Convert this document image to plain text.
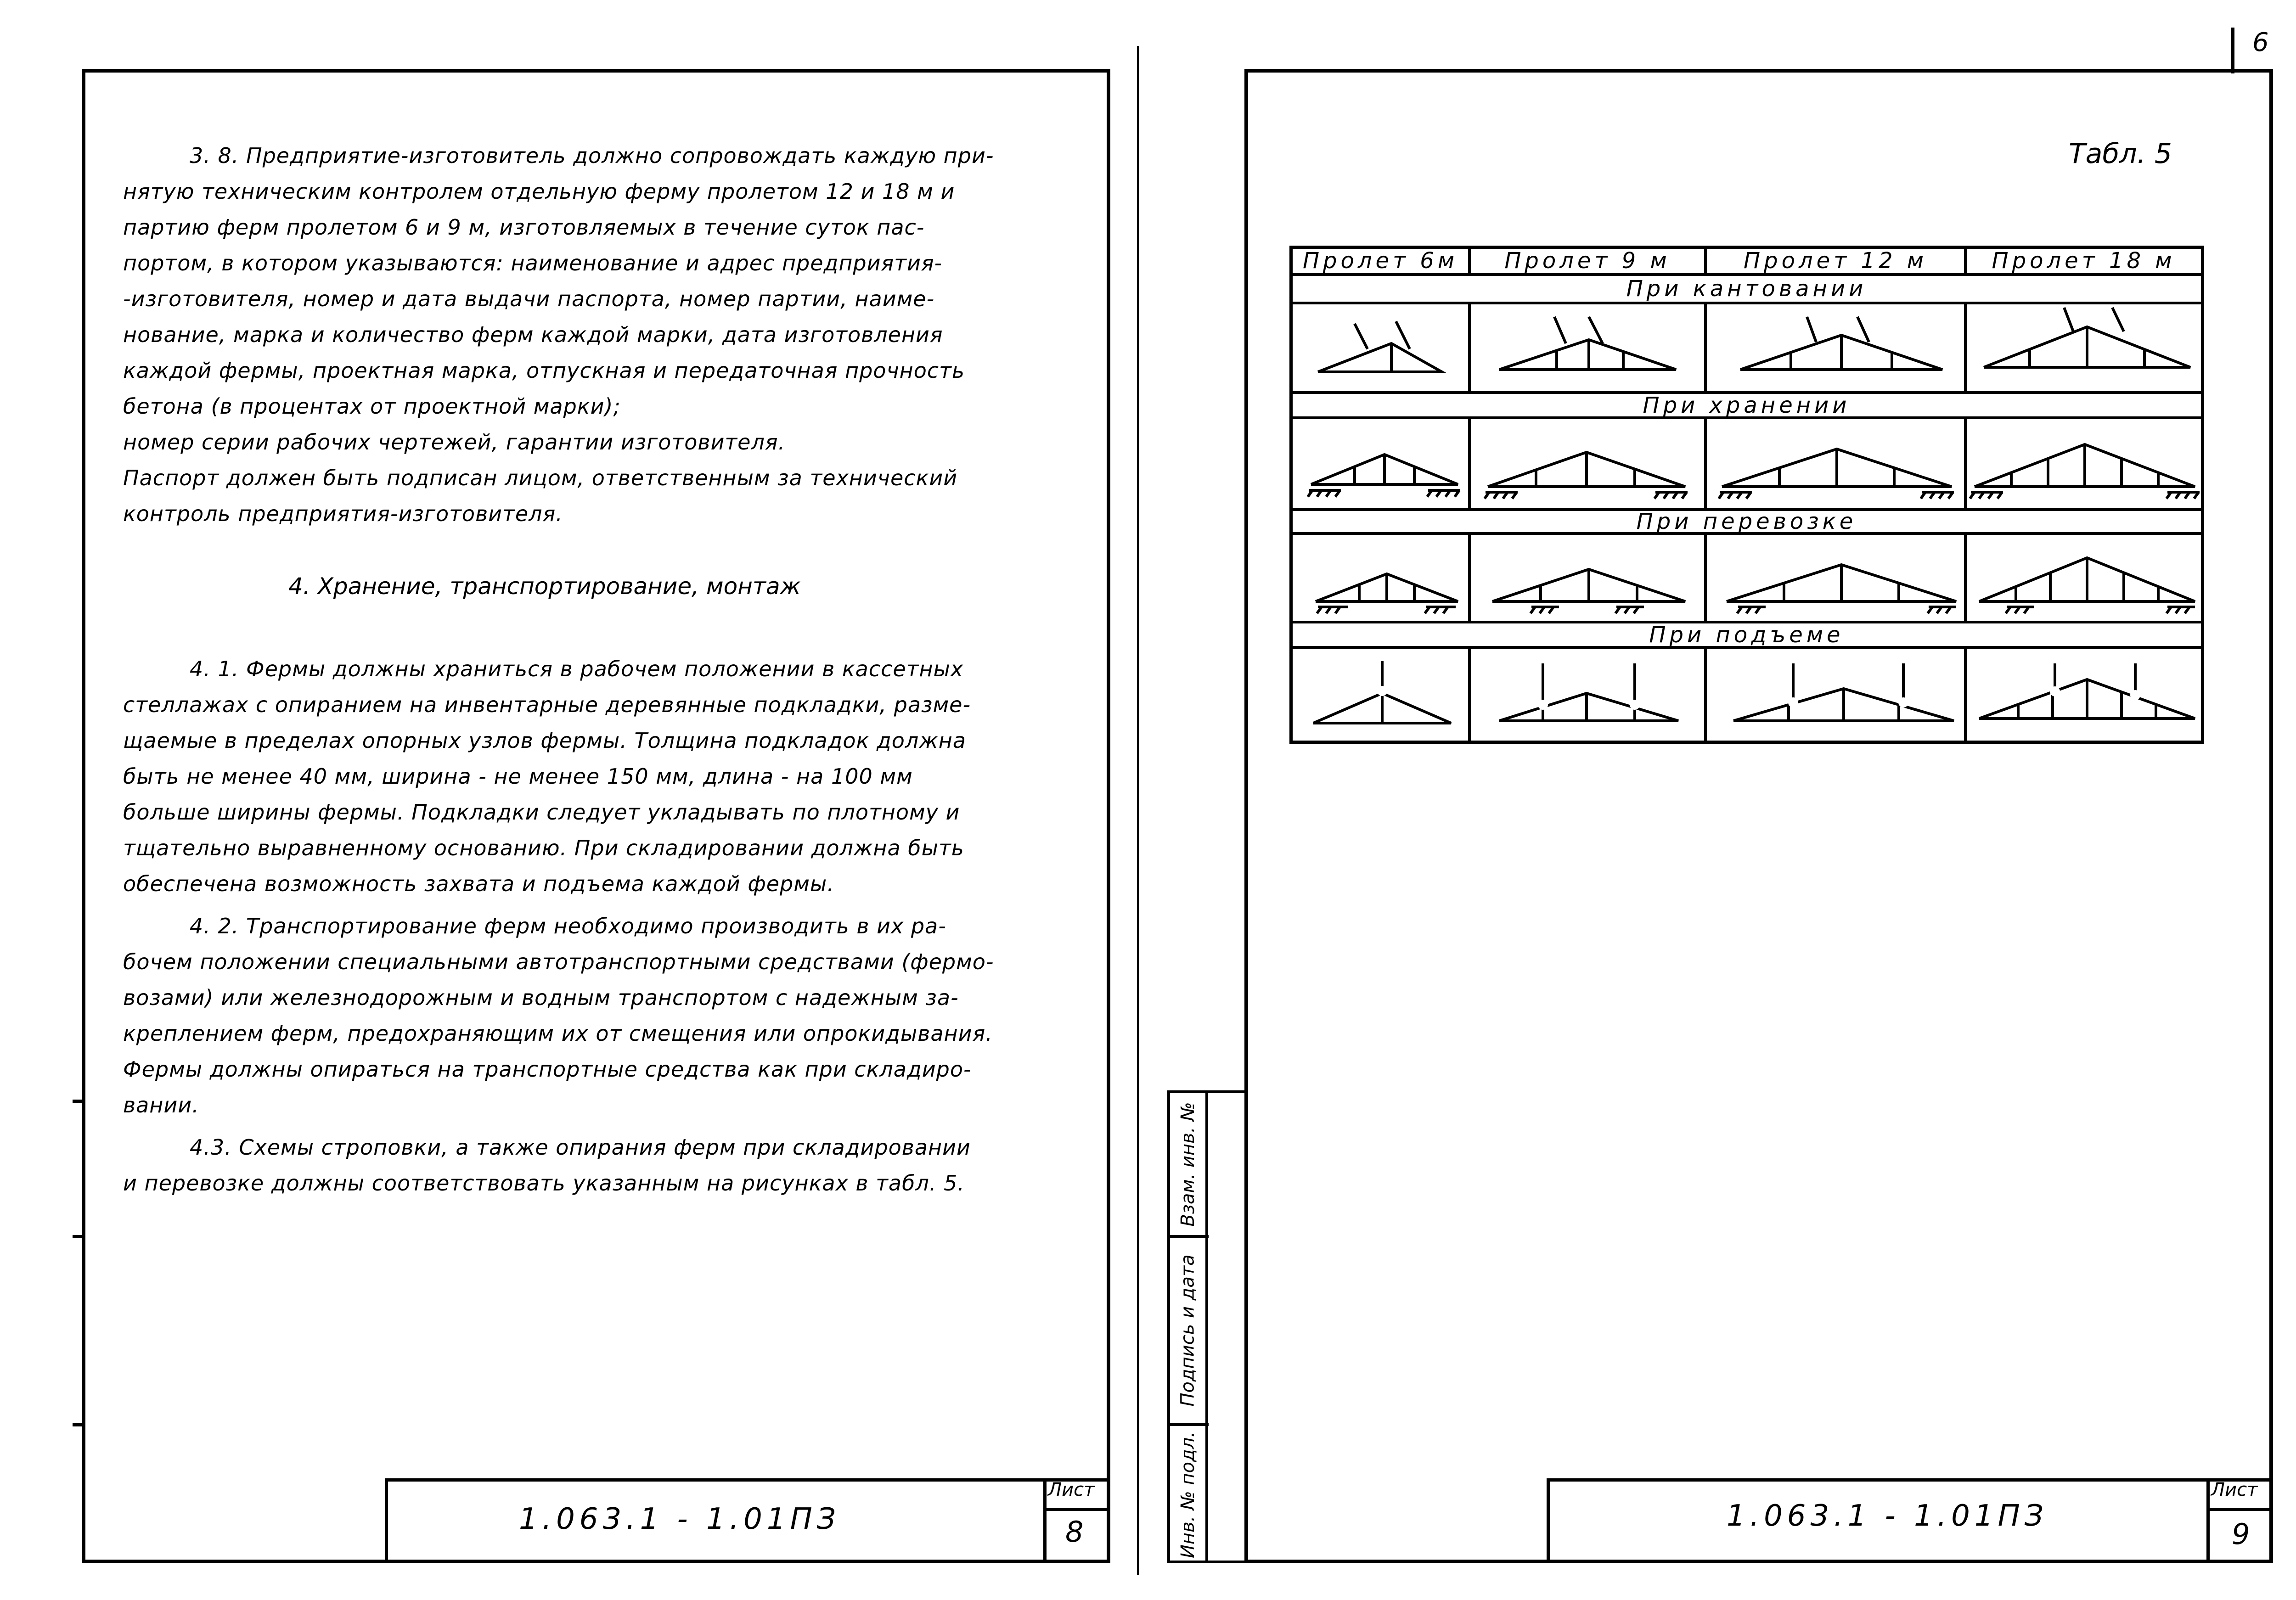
6
3. 8. Предприятие-изготовитель должно сопровождать каждую при-
нятую техническим контролем отдельную ферму пролетом 12 и 18 м и
партию ферм пролетом 6 и 9 м, изготовляемых в течение суток пас-
портом, в котором указываются: наименование и адрес предприятия-
-изготовителя, номер и дата выдачи паспорта, номер партии, наиме-
нование, марка и количество ферм каждой марки, дата изготовления
каждой фермы, проектная марка, отпускная и передаточная прочность
бетона (в процентах от проектной марки);
номер серии рабочих чертежей, гарантии изготовителя.
Паспорт должен быть подписан лицом, ответственным за технический
контроль предприятия-изготовителя.
4. Хранение, транспортирование, монтаж
4. 1. Фермы должны храниться в рабочем положении в кассетных
стеллажах с опиранием на инвентарные деревянные подкладки, разме-
щаемые в пределах опорных узлов фермы. Толщина подкладок должна
быть не менее 40 мм, ширина - не менее 150 мм, длина - на 100 мм
больше ширины фермы. Подкладки следует укладывать по плотному и
тщательно выравненному основанию. При складировании должна быть
обеспечена возможность захвата и подъема каждой фермы.
4. 2. Транспортирование ферм необходимо производить в их ра-
бочем положении специальными автотранспортными средствами (фермо-
возами) или железнодорожным и водным транспортом с надежным за-
креплением ферм, предохраняющим их от смещения или опрокидывания.
Фермы должны опираться на транспортные средства как при складиро-
вании.
4.3. Схемы строповки, а также опирания ферм при складировании
и перевозке должны соответствовать указанным на рисунках в табл. 5.
1.063.1 - 1.01ПЗ
Лист
8
Табл. 5
Инв. № подл.
Подпись и дата
Взам. инв. №
Пролет 6м	Пролет 9 м	Пролет 12 м	Пролет 18 м
При кантовании
При хранении
При перевозке
При подъеме
1.063.1 - 1.01ПЗ
Лист
9
